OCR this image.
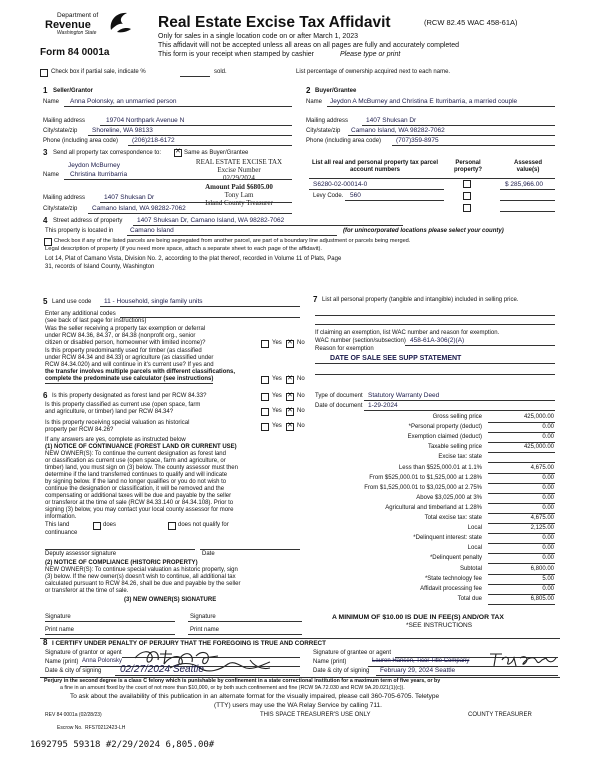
Department of
Revenue
Washington State
Form 84 0001a
Real Estate Excise Tax Affidavit	(RCW 82.45 WAC 458-61A)
Only for sales in a single location code on or after March 1, 2023
This affidavit will not be accepted unless all areas on all pages are fully and accurately completed
This form is your receipt when stamped by cashier	Please type or print
Check box if partial sale, indicate %	sold.	List percentage of ownership acquired next to each name.
1 Seller/Grantor
Name Anna Polonsky, an unmarried person
Mailing address	19704 Northpark Avenue N
City/state/zip Shoreline, WA 98133
Phone (including area code) (206)218-6172
2 Buyer/Grantee
Name Jeydon A McBurney and Christina E Iturribarria, a married couple
Mailing address	1407 Shuksan Dr
City/state/zip Camano Island, WA 98282-7062
Phone (including area code) (707)359-8975
3 Send all property tax correspondence to: ✕	Same as Buyer/Grantee
Jeydon McBurney
Name Christina Iturribarria
Mailing address	1407 Shuksan Dr
City/state/zip Camano Island, WA 98282-7062
REAL ESTATE EXCISE TAX
Excise Number
02/29/2024
Amount Paid $6805.00
Tony Lam
Island County Treasurer
List all real and personal property tax parcel account numbers
Personal property?
Assessed value(s)
S6280-02-00014-0	$ 285,966.00
Levy Code. 560
4 Street address of property 1407 Shuksan Dr, Camano Island, WA 98282-7062
This property is located in	Camano Island	(for unincorporated locations please select your county)
Check box if any of the listed parcels are being segregated from another parcel, are part of a boundary line adjustment or parcels being merged.
Legal description of property (if you need more space, attach a separate sheet to each page of the affidavit).
Lot 14, Plat of Camano Vista, Division No. 2, according to the plat thereof, recorded in Volume 11 of Plats, Page
31, records of Island County, Washington
5 Land use code 11 - Household, single family units
Enter any additional codes
(see back of last page for instructions)
Was the seller receiving a property tax exemption or deferral
under RCW 84.36, 84.37, or 84.38 (nonprofit org., senior
citizen or disabled person, homeowner with limited income)?	Yes ✕	No
Is this property predominantly used for timber (as classified
under RCW 84.34 and 84.33) or agriculture (as classified under
RCW 84.34.020) and will continue in it's current use? If yes and
the transfer involves multiple parcels with different classifications,
complete the predominate use calculator (see instructions)	Yes ✕	No
6 Is this property designated as forest land per RCW 84.33?	Yes ✕	No
Is this property classified as current use (open space, farm
and agriculture, or timber) land per RCW 84.34?	Yes ✕	No
Is this property receiving special valuation as historical
property per RCW 84.26?
Yes ✕	No
If any answers are yes, complete as instructed below
(1) NOTICE OF CONTINUANCE (FOREST LAND OR CURRENT USE)
NEW OWNER(S): To continue the current designation as forest land
or classification as current use (open space, farm and agriculture, or
timber) land, you must sign on (3) below. The county assessor must then
determine if the land transferred continues to qualify and will indicate
by signing below. If the land no longer qualifies or you do not wish to
continue the designation or classification, it will be removed and the
compensating or additional taxes will be due and payable by the seller
or transferor at the time of sale (RCW 84.33.140 or 84.34.108). Prior to
signing (3) below, you may contact your local county assessor for more
information.
This land	does	does not qualify for
continuance
Deputy assessor signature	Date
(2) NOTICE OF COMPLIANCE (HISTORIC PROPERTY)
NEW OWNER(S): To continue special valuation as historic property, sign
(3) below. If the new owner(s) doesn't wish to continue, all additional tax
calculated pursuant to RCW 84.26, shall be due and payable by the seller
or transferor at the time of sale.
(3) NEW OWNER(S) SIGNATURE
Signature	Signature
Print name	Print name
7 List all personal property (tangible and intangible) included in selling price.
If claiming an exemption, list WAC number and reason for exemption.
WAC number (section/subsection) 458-61A-306(2)(A)
Reason for exemption
DATE OF SALE SEE SUPP STATEMENT
Type of document Statutory Warranty Deed
Date of document 1-29-2024
Gross selling price	425,000.00
*Personal property (deduct)	0.00
Exemption claimed (deduct)	0.00
Taxable selling price	425,000.00
Excise tax: state
Less than $525,000.01 at 1.1%	4,675.00
From $525,000.01 to $1,525,000 at 1.28%	0.00
From $1,525,000.01 to $3,025,000 at 2.75%	0.00
Above $3,025,000 at 3%	0.00
Agricultural and timberland at 1.28%	0.00
Total excise tax: state	4,675.00
Local	2,125.00
*Delinquent interest: state	0.00
Local	0.00
*Delinquent penalty	0.00
Subtotal	6,800.00
*State technology fee	5.00
Affidavit processing fee	0.00
Total due	6,805.00
A MINIMUM OF $10.00 IS DUE IN FEE(S) AND/OR TAX
*SEE INSTRUCTIONS
8 I CERTIFY UNDER PENALTY OF PERJURY THAT THE FOREGOING IS TRUE AND CORRECT
Signature of grantor or agent
Name (print) Anna Polonsky
Date & city of signing 02/27/2024 Seattle
Signature of grantee or agent
Name (print)	Lauren Hansen, Ticor Title Company
Date & city of signing February 29, 2024 Seattle
Perjury in the second degree is a class C felony which is punishable by confinement in a state correctional institution for a maximum term of five years, or by
a fine in an amount fixed by the court of not more than $10,000, or by both such confinement and fine (RCW 9A.72.030 and RCW 9A.20.021(1)(c)).
To ask about the availability of this publication in an alternate format for the visually impaired, please call 360-705-6705. Teletype
(TTY) users may use the WA Relay Service by calling 711.
REV 84 0001a (02/28/23)	THIS SPACE TREASURER'S USE ONLY	COUNTY TREASURER
Escrow No. RFS70212423-LH
1692795 59318 #2/29/2024 6,805.00#
